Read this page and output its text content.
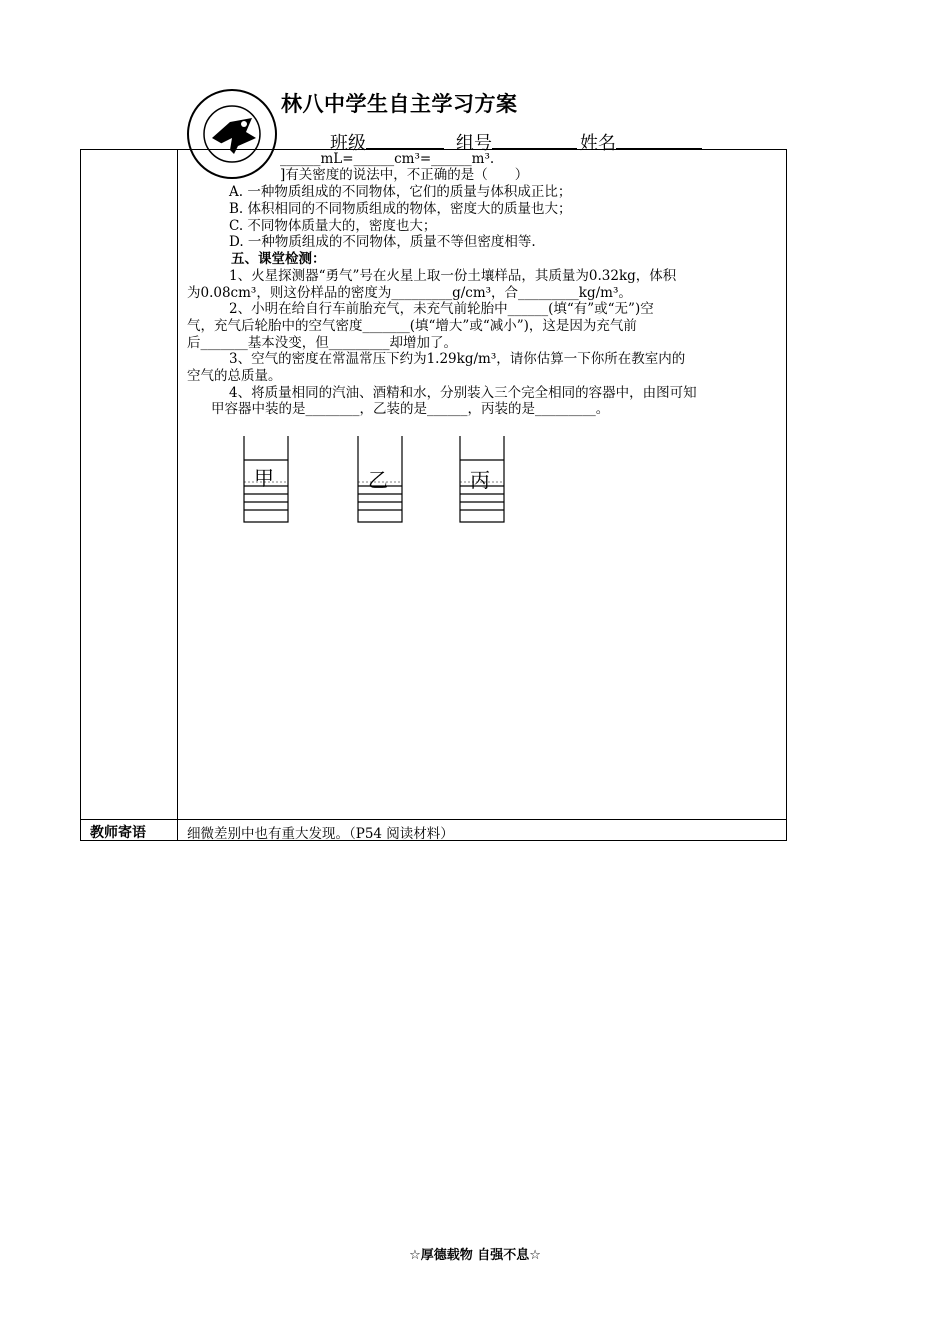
林八中学生自主学习方案
班级	组号	姓名
______mL=______cm³=______m³.
]有关密度的说法中，不正确的是（　　）
A. 一种物质组成的不同物体，它们的质量与体积成正比；
B. 体积相同的不同物质组成的物体，密度大的质量也大；
C. 不同物体质量大的，密度也大；
D. 一种物质组成的不同物体，质量不等但密度相等.
五、课堂检测：
1、火星探测器“勇气”号在火星上取一份土壤样品，其质量为0.32kg，体积
为0.08cm³，则这份样品的密度为_________g/cm³，合_________kg/m³。
2、小明在给自行车前胎充气，未充气前轮胎中______(填“有”或“无”)空
气，充气后轮胎中的空气密度_______(填“增大”或“减小”)，这是因为充气前
后_______基本没变，但_________却增加了。
3、空气的密度在常温常压下约为1.29kg/m³，请你估算一下你所在教室内的
空气的总质量。
4、将质量相同的汽油、酒精和水，分别装入三个完全相同的容器中，由图可知
甲容器中装的是________，乙装的是______，丙装的是_________。
甲	乙	丙
教师寄语	细微差别中也有重大发现。（P54 阅读材料）
☆厚德载物 自强不息☆
